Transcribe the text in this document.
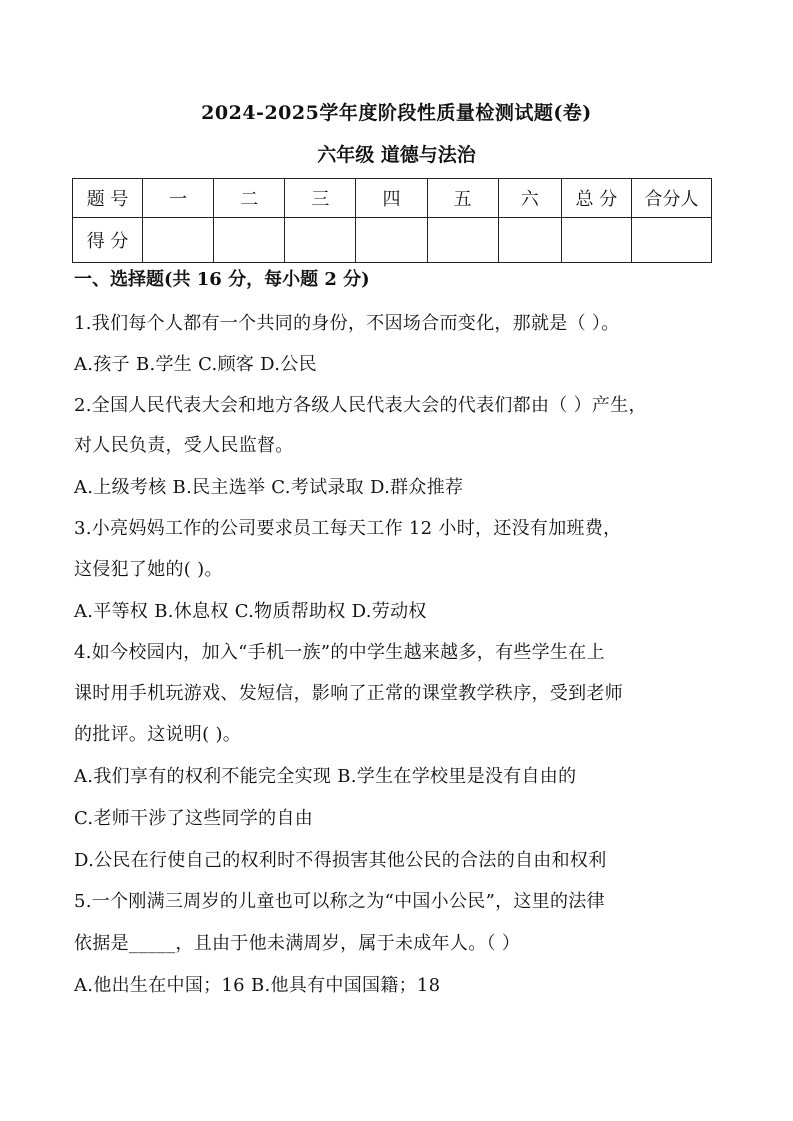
2024-2025学年度阶段性质量检测试题(卷)
六年级 道德与法治
题 号	一	二	三	四	五	六	总 分	合分人
得 分								
一、选择题(共 16 分，每小题 2 分)
1.我们每个人都有一个共同的身份，不因场合而变化，那就是（ ）。
A.孩子 B.学生 C.顾客 D.公民
2.全国人民代表大会和地方各级人民代表大会的代表们都由（ ）产生，
对人民负责，受人民监督。
A.上级考核 B.民主选举 C.考试录取 D.群众推荐
3.小亮妈妈工作的公司要求员工每天工作 12 小时，还没有加班费，
这侵犯了她的( )。
A.平等权 B.休息权 C.物质帮助权 D.劳动权
4.如今校园内，加入“手机一族”的中学生越来越多，有些学生在上
课时用手机玩游戏、发短信，影响了正常的课堂教学秩序，受到老师
的批评。这说明( )。
A.我们享有的权利不能完全实现 B.学生在学校里是没有自由的
C.老师干涉了这些同学的自由
D.公民在行使自己的权利时不得损害其他公民的合法的自由和权利
5.一个刚满三周岁的儿童也可以称之为“中国小公民”，这里的法律
依据是_____，且由于他未满周岁，属于未成年人。（ ）
A.他出生在中国；16 B.他具有中国国籍；18
